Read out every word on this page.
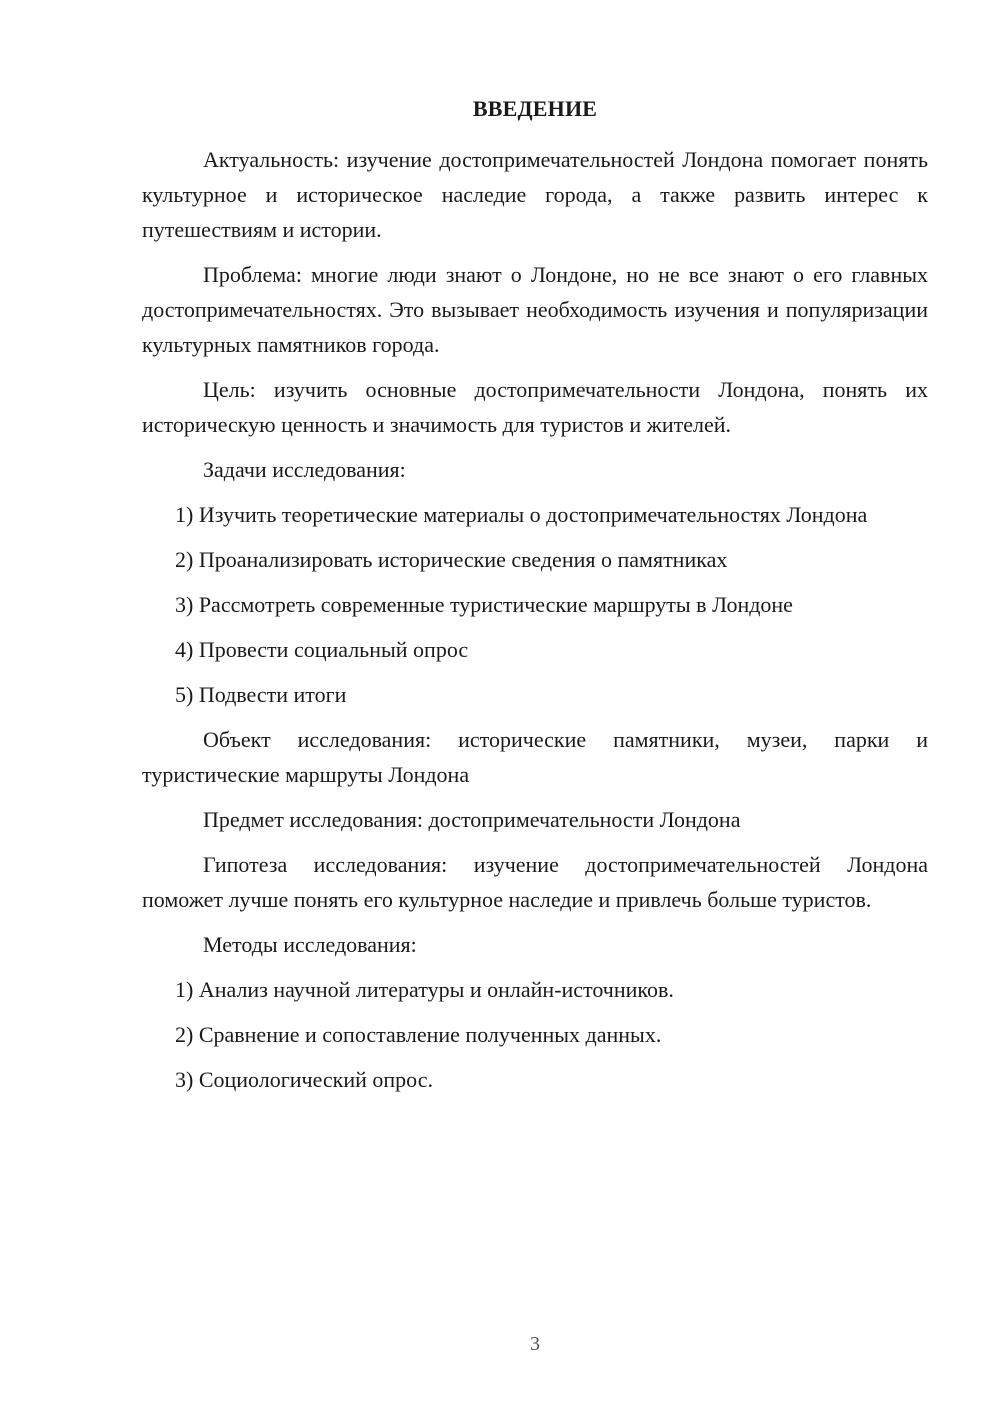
ВВЕДЕНИЕ

Актуальность: изучение достопримечательностей Лондона помогает понять культурное и историческое наследие города, а также развить интерес к путешествиям и истории.

Проблема: многие люди знают о Лондоне, но не все знают о его главных достопримечательностях. Это вызывает необходимость изучения и популяризации культурных памятников города.

Цель: изучить основные достопримечательности Лондона, понять их историческую ценность и значимость для туристов и жителей.

Задачи исследования:

1) Изучить теоретические материалы о достопримечательностях Лондона

2) Проанализировать исторические сведения о памятниках

3) Рассмотреть современные туристические маршруты в Лондоне

4) Провести социальный опрос

5) Подвести итоги

Объект исследования: исторические памятники, музеи, парки и туристические маршруты Лондона

Предмет исследования: достопримечательности Лондона

Гипотеза исследования: изучение достопримечательностей Лондона поможет лучше понять его культурное наследие и привлечь больше туристов.

Методы исследования:

1) Анализ научной литературы и онлайн-источников.

2) Сравнение и сопоставление полученных данных.

3) Социологический опрос.

3
